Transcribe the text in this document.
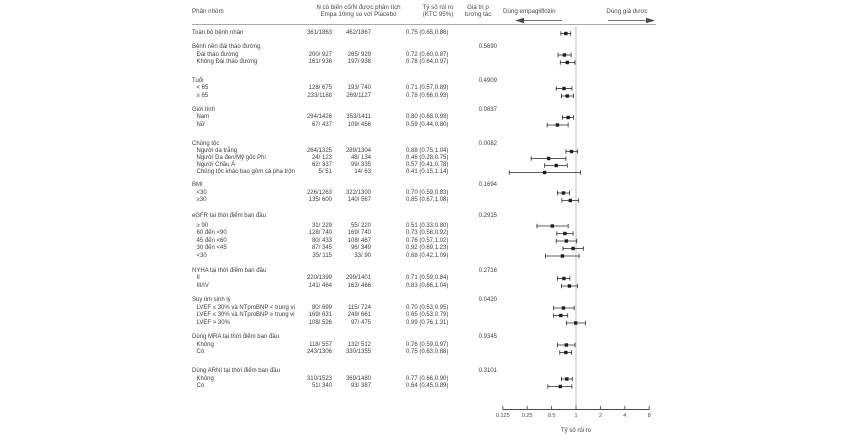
Phân nhóm
N có biến cố/N được phân tích
Empa 10mg so với Placebo
Tỷ số rủi ro
(KTC 95%)
Giá trị p
tương tác	Dùng empagliflozin	Dùng giả dược
Toàn bộ bệnh nhân	361/1863	462/1867	0.75 (0.65,0.86)
Bệnh nền đái tháo đường	0.5690
Đái tháo đường	200/ 927	265/ 929	0.72 (0.60,0.87)
Không Đái tháo đường	161/ 936	197/ 938	0.78 (0.64,0.97)
Tuổi	0.4909
< 65	128/ 675	193/ 740	0.71 (0.57,0.89)
≥ 65	233/1188	269/1127	0.78 (0.66,0.93)
Giới tính	0.0837
Nam	294/1426	353/1411	0.80 (0.68,0.93)
Nữ	67/ 437	109/ 456	0.59 (0.44,0.80)
Chủng tộc	0.0082
Người da trắng	264/1325	289/1304	0.88 (0.75,1.04)
Người Da đen/Mỹ gốc Phi	24/ 123	48/ 134	0.46 (0.28,0.75)
Người Châu Á	62/ 337	99/ 335	0.57 (0.41,0.78)
Chủng tộc khác bao gồm cả pha trộn	5/ 51	14/ 63	0.41 (0.15,1.14)
BMI	0.1694
<30	226/1263	322/1300	0.70 (0.59,0.83)
≥30	135/ 600	140/ 567	0.85 (0.67,1.08)
eGFR tại thời điểm ban đầu	0.2915
≥ 90	31/ 229	55/ 220	0.51 (0.33,0.80)
60 đến <90	128/ 740	169/ 740	0.73 (0.58,0.92)
45 đến <60	80/ 433	108/ 467	0.76 (0.57,1.02)
30 đến <45	87/ 345	96/ 349	0.92 (0.69,1.23)
<30	35/ 115	33/ 90	0.68 (0.42,1.09)
NYHA tại thời điểm ban đầu	0.2716
II	220/1399	299/1401	0.71 (0.59,0.84)
III/IV	141/ 464	163/ 466	0.83 (0.66,1.04)
Suy tim sinh lý	0.0420
LVEF ≤ 30% và NTproBNP < trung vị	80/ 699	115/ 724	0.70 (0.53,0.95)
LVEF ≤ 30% và NTproBNP ≥ trung vị	169/ 631	249/ 661	0.65 (0.53,0.79)
LVEF > 30%	108/ 526	97/ 475	0.99 (0.76,1.31)
Dùng MRA tại thời điểm ban đầu	0.9345
Không	118/ 557	132/ 512	0.76 (0.59,0.97)
Có	243/1306	330/1355	0.75 (0.63,0.88)
Dùng ARNI tại thời điểm ban đầu	0.3101
Không	310/1523	369/1480	0.77 (0.66,0.90)
Có	51/ 340	93/ 387	0.64 (0.45,0.89)
0.125	0.25	0.5	1	2	4	8
Tỷ số rủi ro
